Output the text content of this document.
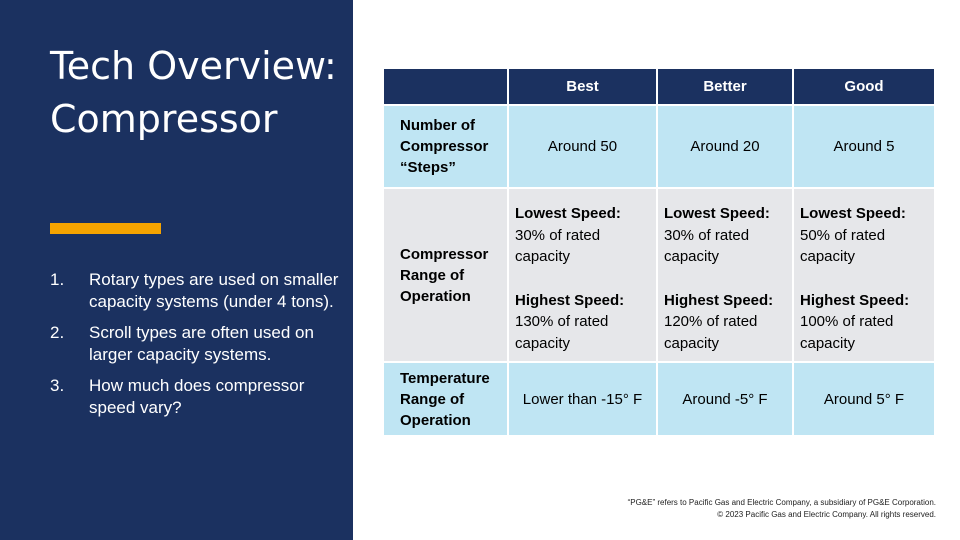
Tech Overview: Compressor
1. Rotary types are used on smaller capacity systems (under 4 tons).
2. Scroll types are often used on larger capacity systems.
3. How much does compressor speed vary?
	Best	Better	Good
Number of Compressor “Steps”	Around 50	Around 20	Around 5
Compressor Range of Operation	Lowest Speed:
30% of rated capacity
Highest Speed:
130% of rated capacity	Lowest Speed:
30% of rated capacity
Highest Speed:
120% of rated capacity	Lowest Speed:
50% of rated capacity
Highest Speed:
100% of rated capacity
Temperature Range of Operation	Lower than -15° F	Around -5° F	Around 5° F
“PG&E” refers to Pacific Gas and Electric Company, a subsidiary of PG&E Corporation.
© 2023 Pacific Gas and Electric Company. All rights reserved.
